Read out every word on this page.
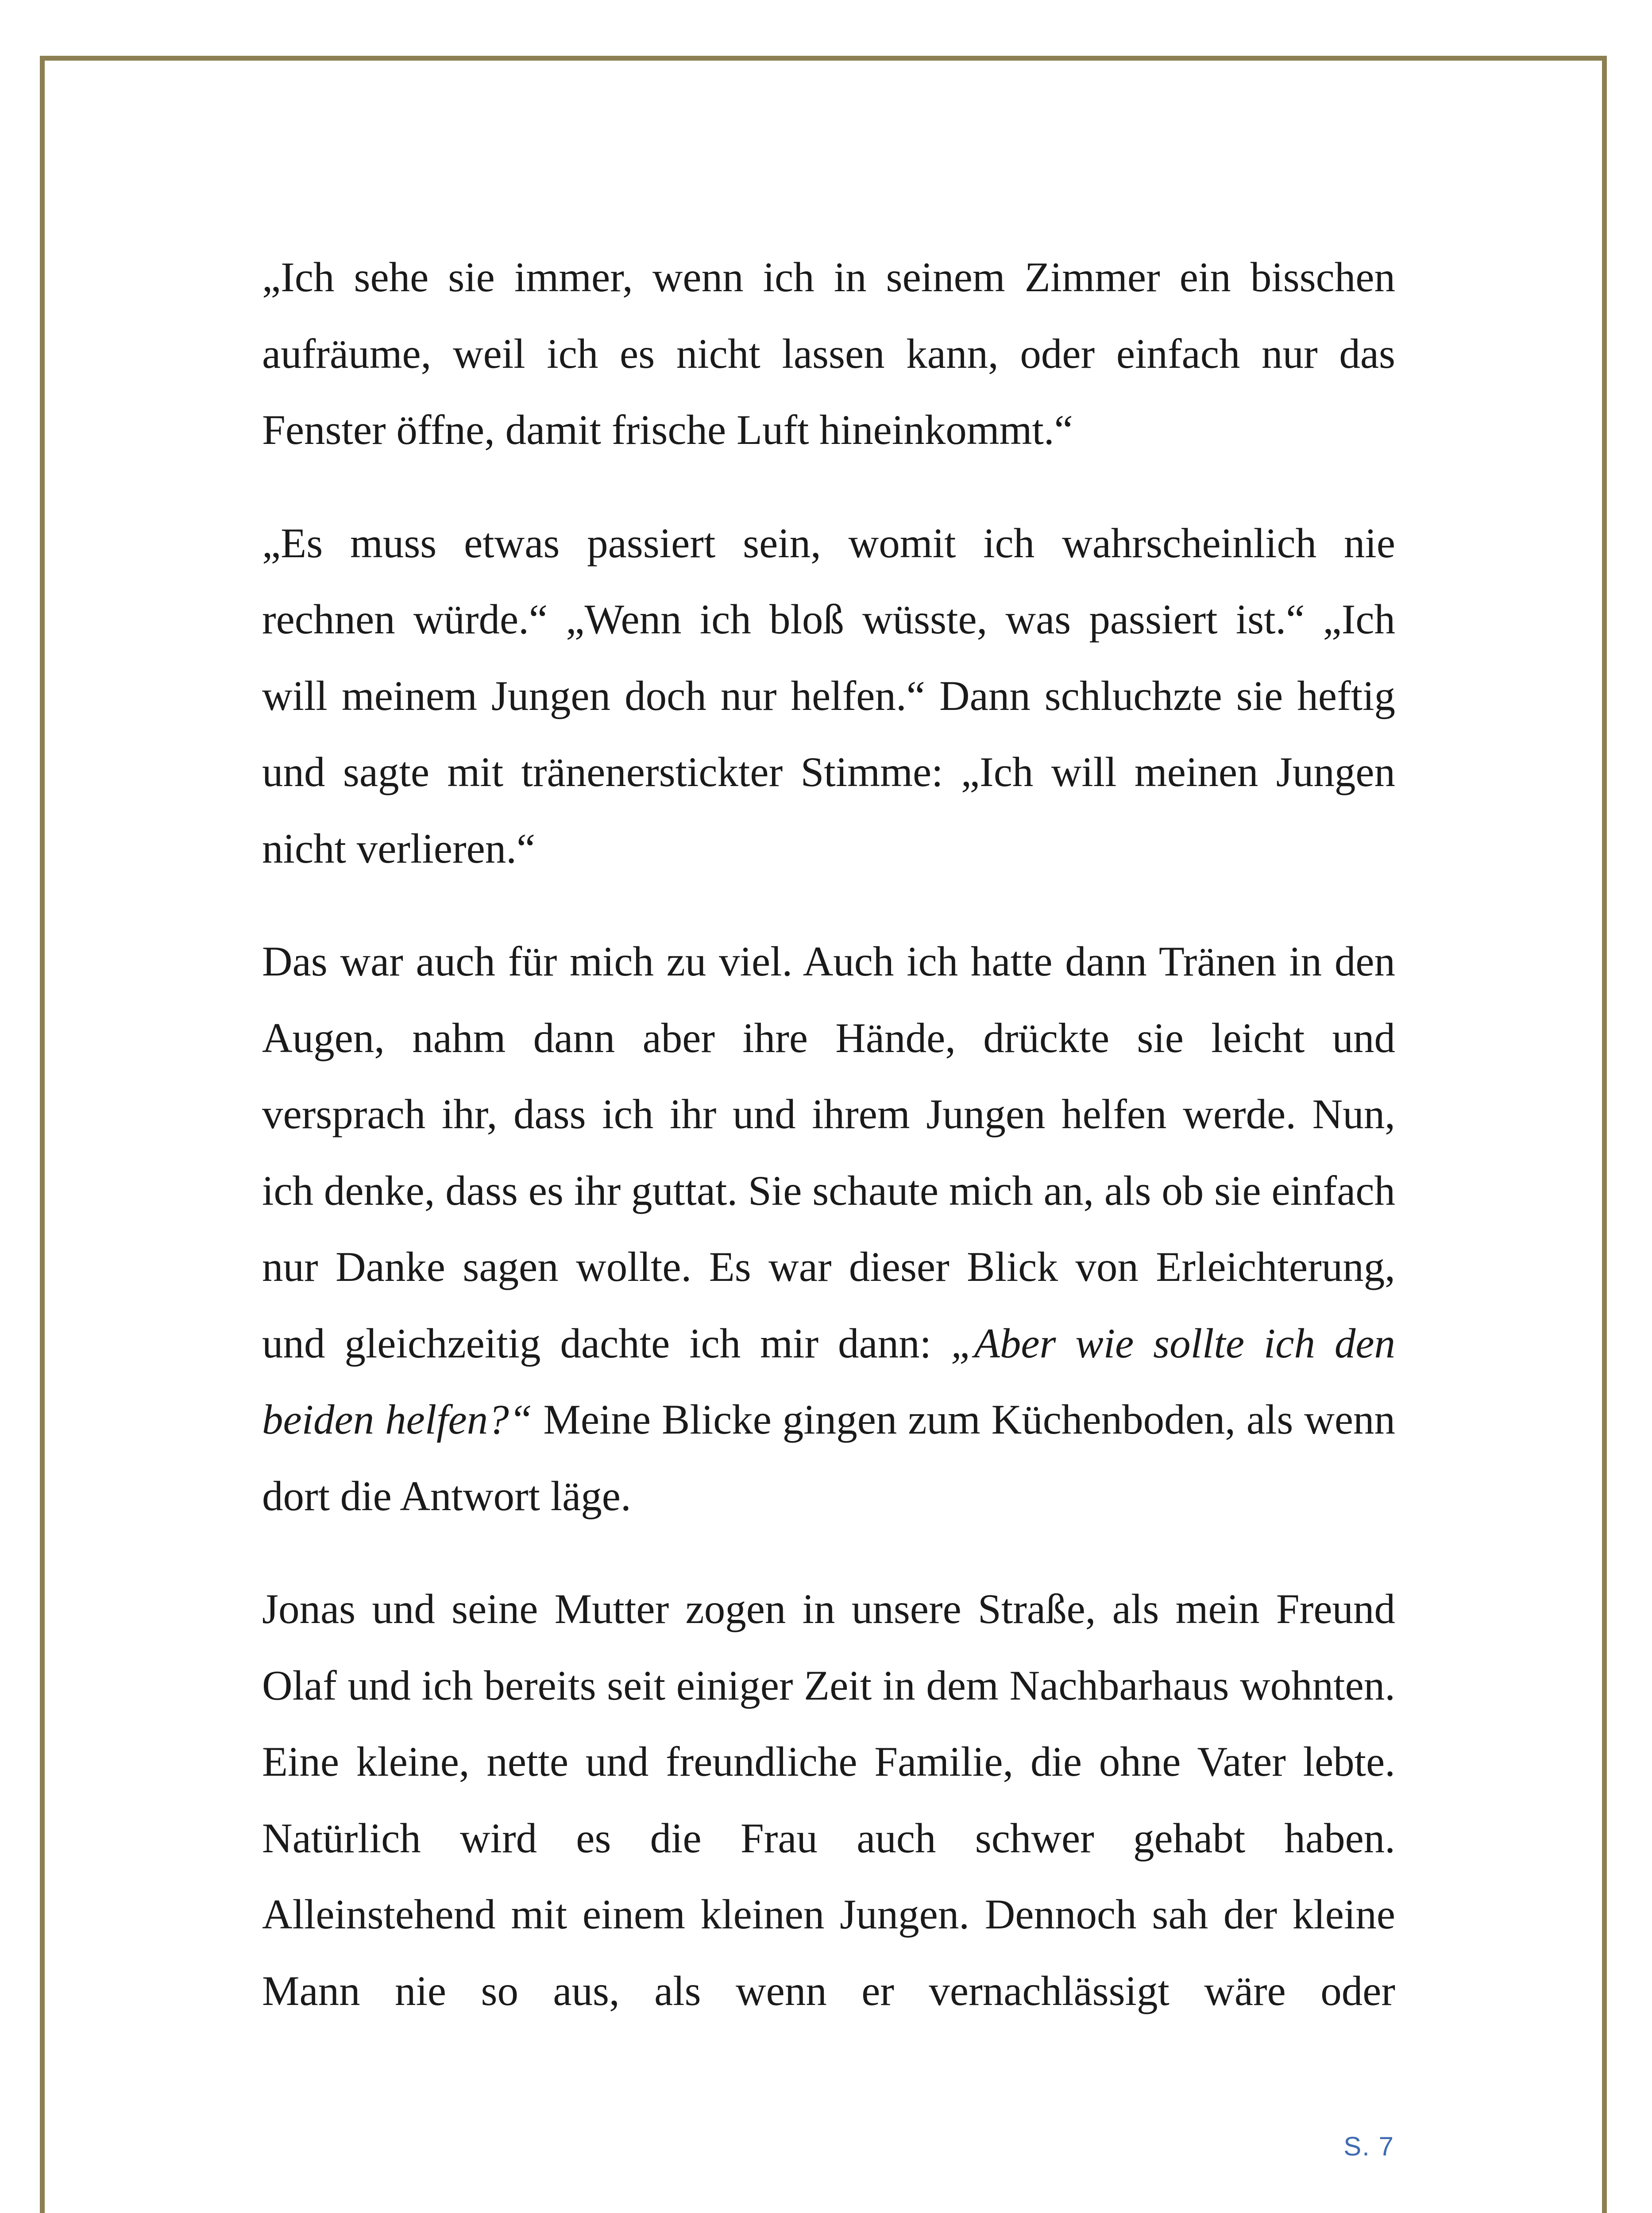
„Ich sehe sie immer, wenn ich in seinem Zimmer ein bisschen aufräume, weil ich es nicht lassen kann, oder einfach nur das Fenster öffne, damit frische Luft hineinkommt.“

„Es muss etwas passiert sein, womit ich wahrscheinlich nie rechnen würde.“ „Wenn ich bloß wüsste, was passiert ist.“ „Ich will meinem Jungen doch nur helfen.“ Dann schluchzte sie heftig und sagte mit tränenerstickter Stimme: „Ich will meinen Jungen nicht verlieren.“

Das war auch für mich zu viel. Auch ich hatte dann Tränen in den Augen, nahm dann aber ihre Hände, drückte sie leicht und versprach ihr, dass ich ihr und ihrem Jungen helfen werde. Nun, ich denke, dass es ihr guttat. Sie schaute mich an, als ob sie einfach nur Danke sagen wollte. Es war dieser Blick von Erleichterung, und gleichzeitig dachte ich mir dann: „Aber wie sollte ich den beiden helfen?“ Meine Blicke gingen zum Küchenboden, als wenn dort die Antwort läge.

Jonas und seine Mutter zogen in unsere Straße, als mein Freund Olaf und ich bereits seit einiger Zeit in dem Nachbarhaus wohnten. Eine kleine, nette und freundliche Familie, die ohne Vater lebte. Natürlich wird es die Frau auch schwer gehabt haben. Alleinstehend mit einem kleinen Jungen. Dennoch sah der kleine Mann nie so aus, als wenn er vernachlässigt wäre oder

S. 7
